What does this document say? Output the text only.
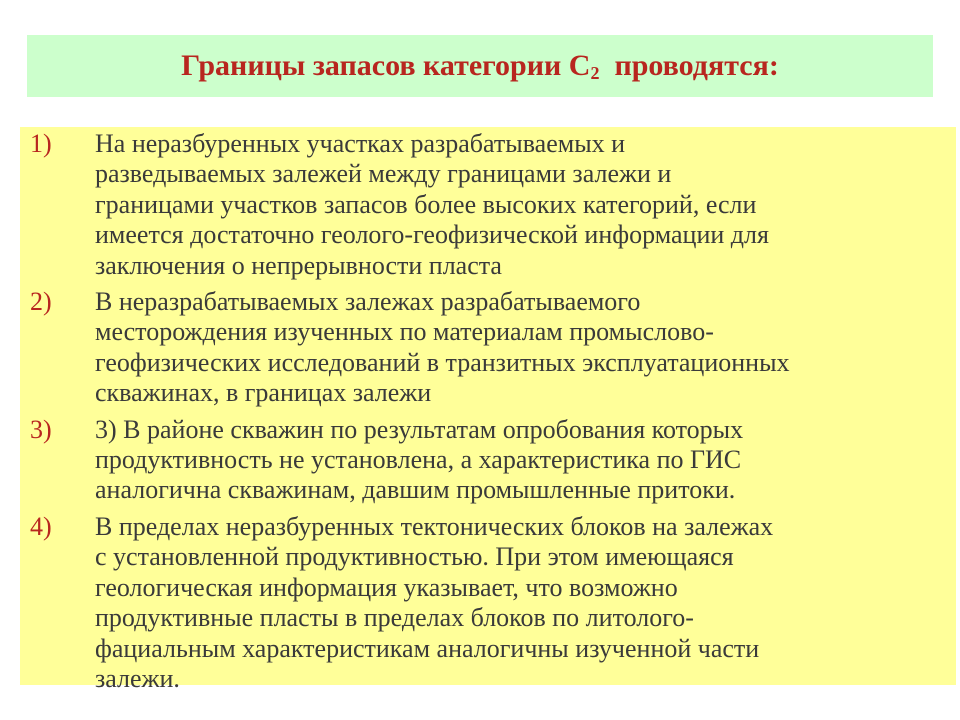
Границы запасов категории $С_2$ проводятся:
1) На неразбуренных участках разрабатываемых и
разведываемых залежей между границами залежи и
границами участков запасов более высоких категорий, если
имеется достаточно геолого-геофизической информации для
заключения о непрерывности пласта
2) В неразрабатываемых залежах разрабатываемого
месторождения изученных по материалам промыслово-
геофизических исследований в транзитных эксплуатационных
скважинах, в границах залежи
3) 3) В районе скважин по результатам опробования которых
продуктивность не установлена, а характеристика по ГИС
аналогична скважинам, давшим промышленные притоки.
4) В пределах неразбуренных тектонических блоков на залежах
с установленной продуктивностью. При этом имеющаяся
геологическая информация указывает, что возможно
продуктивные пласты в пределах блоков по литолого-
фациальным характеристикам аналогичны изученной части
залежи.
